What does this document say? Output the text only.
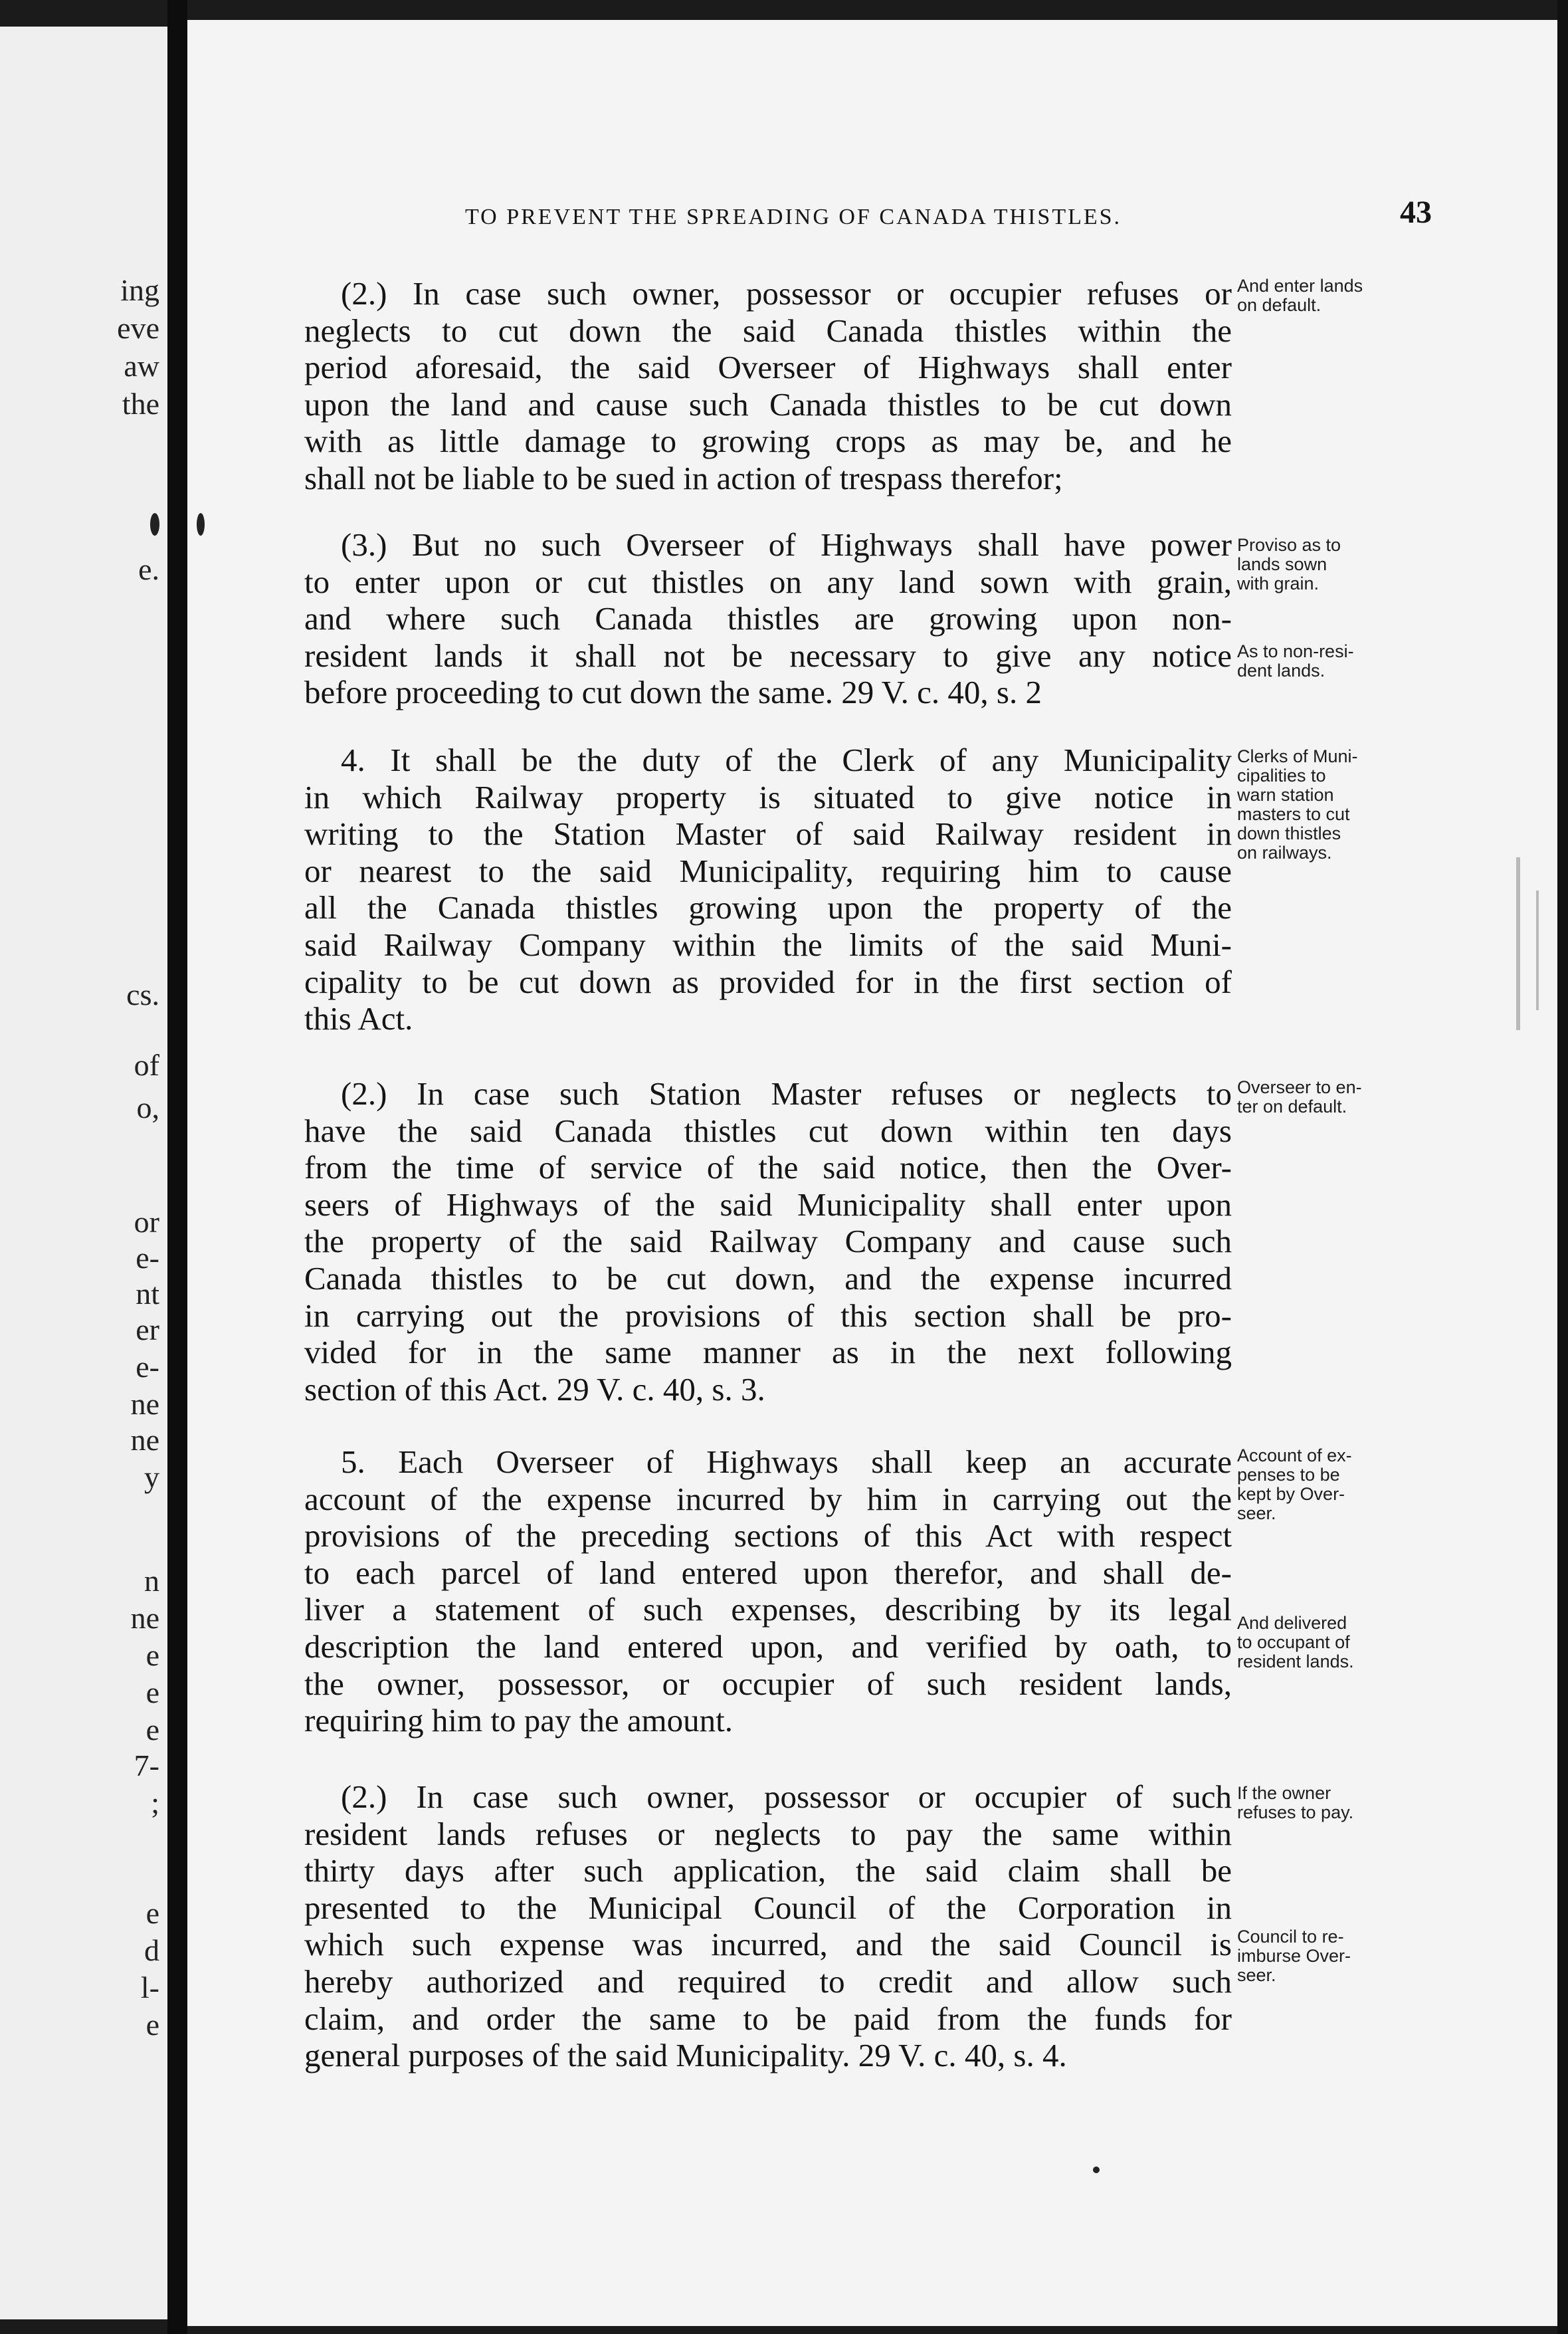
ing
eve
aw
the
e.
cs.
of
o,
or
e-
nt
er
e-
ne
ne
y
n
ne
e
e
e
7-
;
e
d
l-
e
TO PREVENT THE SPREADING OF CANADA THISTLES.	43
(2.) In case such owner, possessor or occupier refuses or
neglects to cut down the said Canada thistles within the
period aforesaid, the said Overseer of Highways shall enter
upon the land and cause such Canada thistles to be cut down
with as little damage to growing crops as may be, and he
shall not be liable to be sued in action of trespass therefor;
(3.) But no such Overseer of Highways shall have power
to enter upon or cut thistles on any land sown with grain,
and where such Canada thistles are growing upon non-
resident lands it shall not be necessary to give any notice
before proceeding to cut down the same. 29 V. c. 40, s. 2
4. It shall be the duty of the Clerk of any Municipality
in which Railway property is situated to give notice in
writing to the Station Master of said Railway resident in
or nearest to the said Municipality, requiring him to cause
all the Canada thistles growing upon the property of the
said Railway Company within the limits of the said Muni-
cipality to be cut down as provided for in the first section of
this Act.
(2.) In case such Station Master refuses or neglects to
have the said Canada thistles cut down within ten days
from the time of service of the said notice, then the Over-
seers of Highways of the said Municipality shall enter upon
the property of the said Railway Company and cause such
Canada thistles to be cut down, and the expense incurred
in carrying out the provisions of this section shall be pro-
vided for in the same manner as in the next following
section of this Act. 29 V. c. 40, s. 3.
5. Each Overseer of Highways shall keep an accurate
account of the expense incurred by him in carrying out the
provisions of the preceding sections of this Act with respect
to each parcel of land entered upon therefor, and shall de-
liver a statement of such expenses, describing by its legal
description the land entered upon, and verified by oath, to
the owner, possessor, or occupier of such resident lands,
requiring him to pay the amount.
(2.) In case such owner, possessor or occupier of such
resident lands refuses or neglects to pay the same within
thirty days after such application, the said claim shall be
presented to the Municipal Council of the Corporation in
which such expense was incurred, and the said Council is
hereby authorized and required to credit and allow such
claim, and order the same to be paid from the funds for
general purposes of the said Municipality. 29 V. c. 40, s. 4.
And enter lands
on default.
Proviso as to
lands sown
with grain.
As to non-resi-
dent lands.
Clerks of Muni-
cipalities to
warn station
masters to cut
down thistles
on railways.
Overseer to en-
ter on default.
Account of ex-
penses to be
kept by Over-
seer.
And delivered
to occupant of
resident lands.
If the owner
refuses to pay.
Council to re-
imburse Over-
seer.
